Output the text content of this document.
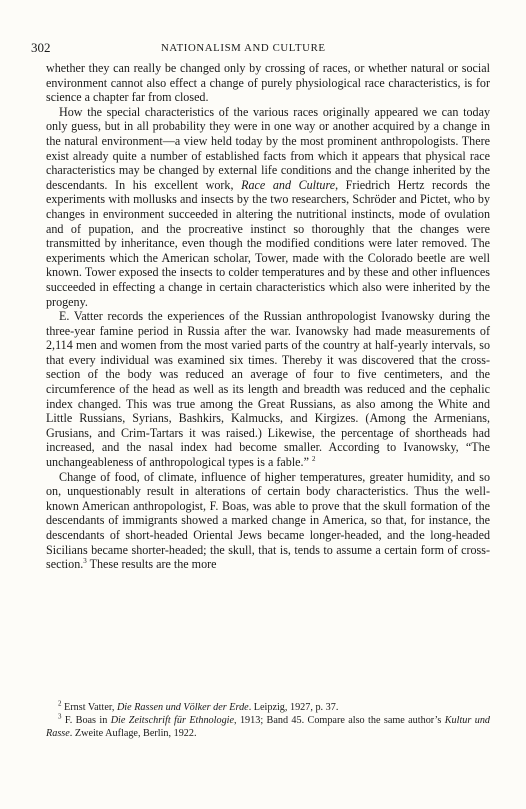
302	NATIONALISM AND CULTURE

whether they can really be changed only by crossing of races, or whether natural or social environment cannot also effect a change of purely physiological race characteristics, is for science a chapter far from closed.

How the special characteristics of the various races originally appeared we can today only guess, but in all probability they were in one way or another acquired by a change in the natural environment—a view held today by the most prominent anthropologists. There exist already quite a number of established facts from which it appears that physical race characteristics may be changed by external life conditions and the change inherited by the descendants. In his excellent work, Race and Culture, Friedrich Hertz records the experiments with mollusks and insects by the two researchers, Schröder and Pictet, who by changes in environment succeeded in altering the nutritional instincts, mode of ovulation and of pupation, and the procreative instinct so thoroughly that the changes were transmitted by inheritance, even though the modified conditions were later removed. The experiments which the American scholar, Tower, made with the Colorado beetle are well known. Tower exposed the insects to colder temperatures and by these and other influences succeeded in effecting a change in certain characteristics which also were inherited by the progeny.

E. Vatter records the experiences of the Russian anthropologist Ivanowsky during the three-year famine period in Russia after the war. Ivanowsky had made measurements of 2,114 men and women from the most varied parts of the country at half-yearly intervals, so that every individual was examined six times. Thereby it was discovered that the cross-section of the body was reduced an average of four to five centimeters, and the circumference of the head as well as its length and breadth was reduced and the cephalic index changed. This was true among the Great Russians, as also among the White and Little Russians, Syrians, Bashkirs, Kalmucks, and Kirgizes. (Among the Armenians, Grusians, and Crim-Tartars it was raised.) Likewise, the percentage of shortheads had increased, and the nasal index had become smaller. According to Ivanowsky, “The unchangeableness of anthropological types is a fable.” $^2$

Change of food, of climate, influence of higher temperatures, greater humidity, and so on, unquestionably result in alterations of certain body characteristics. Thus the well-known American anthropologist, F. Boas, was able to prove that the skull formation of the descendants of immigrants showed a marked change in America, so that, for instance, the descendants of short-headed Oriental Jews became longer-headed, and the long-headed Sicilians became shorter-headed; the skull, that is, tends to assume a certain form of cross-section.$^3$ These results are the more

$^2$ Ernst Vatter, Die Rassen und Völker der Erde. Leipzig, 1927, p. 37.

$^3$ F. Boas in Die Zeitschrift für Ethnologie, 1913; Band 45. Compare also the same author’s Kultur und Rasse. Zweite Auflage, Berlin, 1922.
